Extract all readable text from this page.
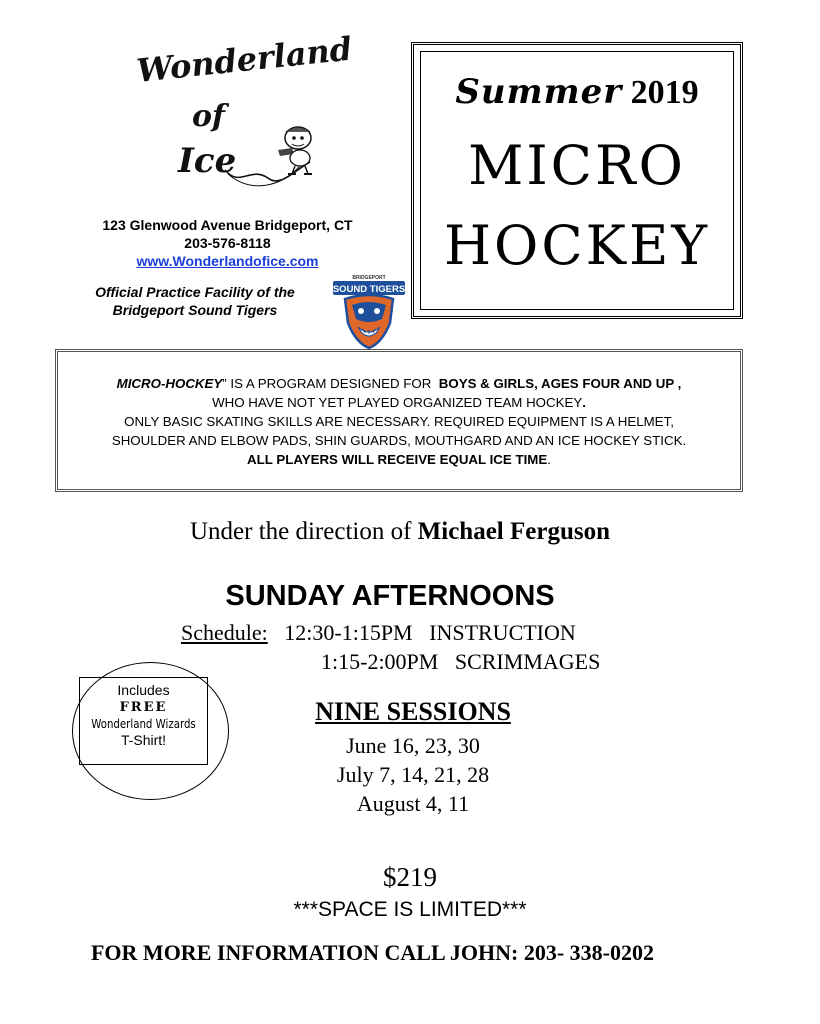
Wonderland
of
Ice
123 Glenwood Avenue Bridgeport, CT
203-576-8118
www.Wonderlandofice.com
Official Practice Facility of the
Bridgeport Sound Tigers
BRIDGEPORT
SOUND TIGERS
Summer 2019
MICRO
HOCKEY
MICRO-HOCKEY” IS A PROGRAM DESIGNED FOR BOYS & GIRLS, AGES FOUR AND UP ,
WHO HAVE NOT YET PLAYED ORGANIZED TEAM HOCKEY.
ONLY BASIC SKATING SKILLS ARE NECESSARY. REQUIRED EQUIPMENT IS A HELMET,
SHOULDER AND ELBOW PADS, SHIN GUARDS, MOUTHGARD AND AN ICE HOCKEY STICK.
ALL PLAYERS WILL RECEIVE EQUAL ICE TIME.
Under the direction of Michael Ferguson
SUNDAY AFTERNOONS
Schedule: 12:30-1:15PM   INSTRUCTION
1:15-2:00PM   SCRIMMAGES
Includes
FREE
Wonderland Wizards
T-Shirt!
NINE SESSIONS
June 16, 23, 30
July 7, 14, 21, 28
August 4, 11
$219
***SPACE IS LIMITED***
FOR MORE INFORMATION CALL JOHN: 203- 338-0202
